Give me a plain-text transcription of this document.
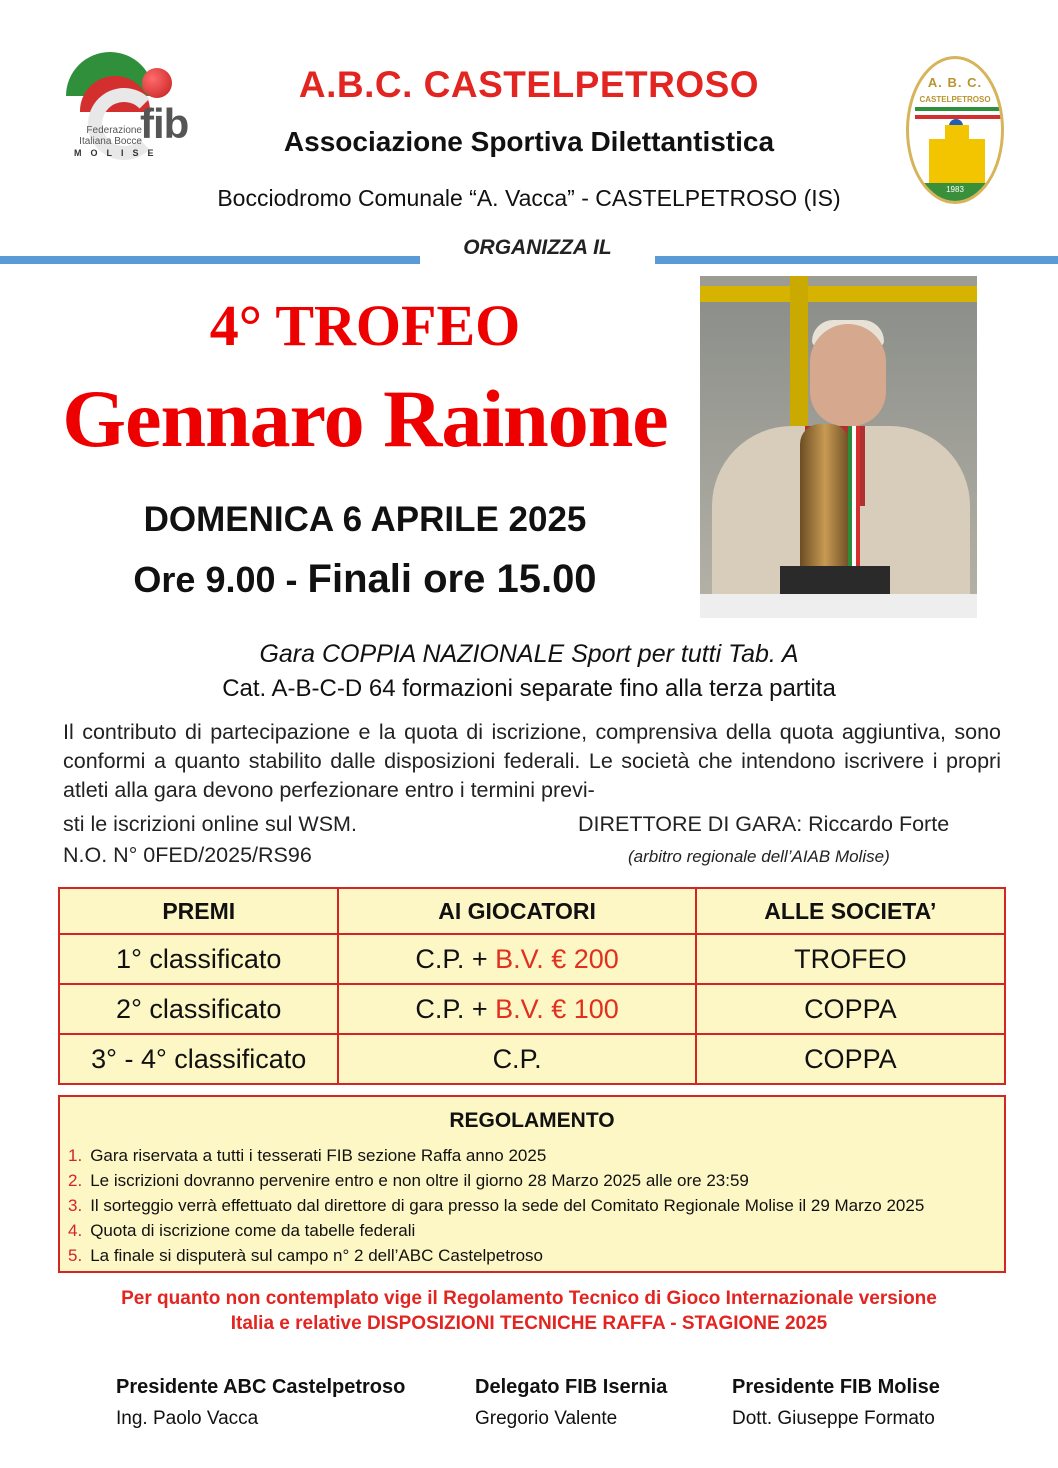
fib
Federazione Italiana Bocce
MOLISE
A. B. C.
CASTELPETROSO
1983
A.B.C. CASTELPETROSO
Associazione Sportiva Dilettantistica
Bocciodromo Comunale “A. Vacca” - CASTELPETROSO (IS)
ORGANIZZA IL
4° TROFEO
Gennaro Rainone
DOMENICA 6 APRILE 2025
Ore 9.00 - Finali ore 15.00
Gara COPPIA NAZIONALE Sport per tutti Tab. A
Cat. A-B-C-D 64 formazioni separate fino alla terza partita
Il contributo di partecipazione e la quota di iscrizione, comprensiva della quota aggiuntiva, sono conformi a quanto stabilito dalle disposizioni federali. Le società che intendono iscrivere i propri atleti alla gara devono perfezionare entro i termini previ-
sti le iscrizioni online sul WSM.	DIRETTORE DI GARA: Riccardo Forte
N.O. N° 0FED/2025/RS96	(arbitro regionale dell’AIAB Molise)
PREMI	AI GIOCATORI	ALLE SOCIETA’
1° classificato	C.P. + B.V. € 200	TROFEO
2° classificato	C.P. + B.V. € 100	COPPA
3° - 4° classificato	C.P.	COPPA
REGOLAMENTO
1. Gara riservata a tutti i tesserati FIB sezione Raffa anno 2025
2. Le iscrizioni dovranno pervenire entro e non oltre il giorno 28 Marzo 2025 alle ore 23:59
3. Il sorteggio verrà effettuato dal direttore di gara presso la sede del Comitato Regionale Molise il 29 Marzo 2025
4. Quota di iscrizione come da tabelle federali
5. La finale si disputerà sul campo n° 2 dell’ABC Castelpetroso
Per quanto non contemplato vige il Regolamento Tecnico di Gioco Internazionale versione
Italia e relative DISPOSIZIONI TECNICHE RAFFA - STAGIONE 2025
Presidente ABC Castelpetroso
Ing. Paolo Vacca
Delegato FIB Isernia
Gregorio Valente
Presidente FIB Molise
Dott. Giuseppe Formato
